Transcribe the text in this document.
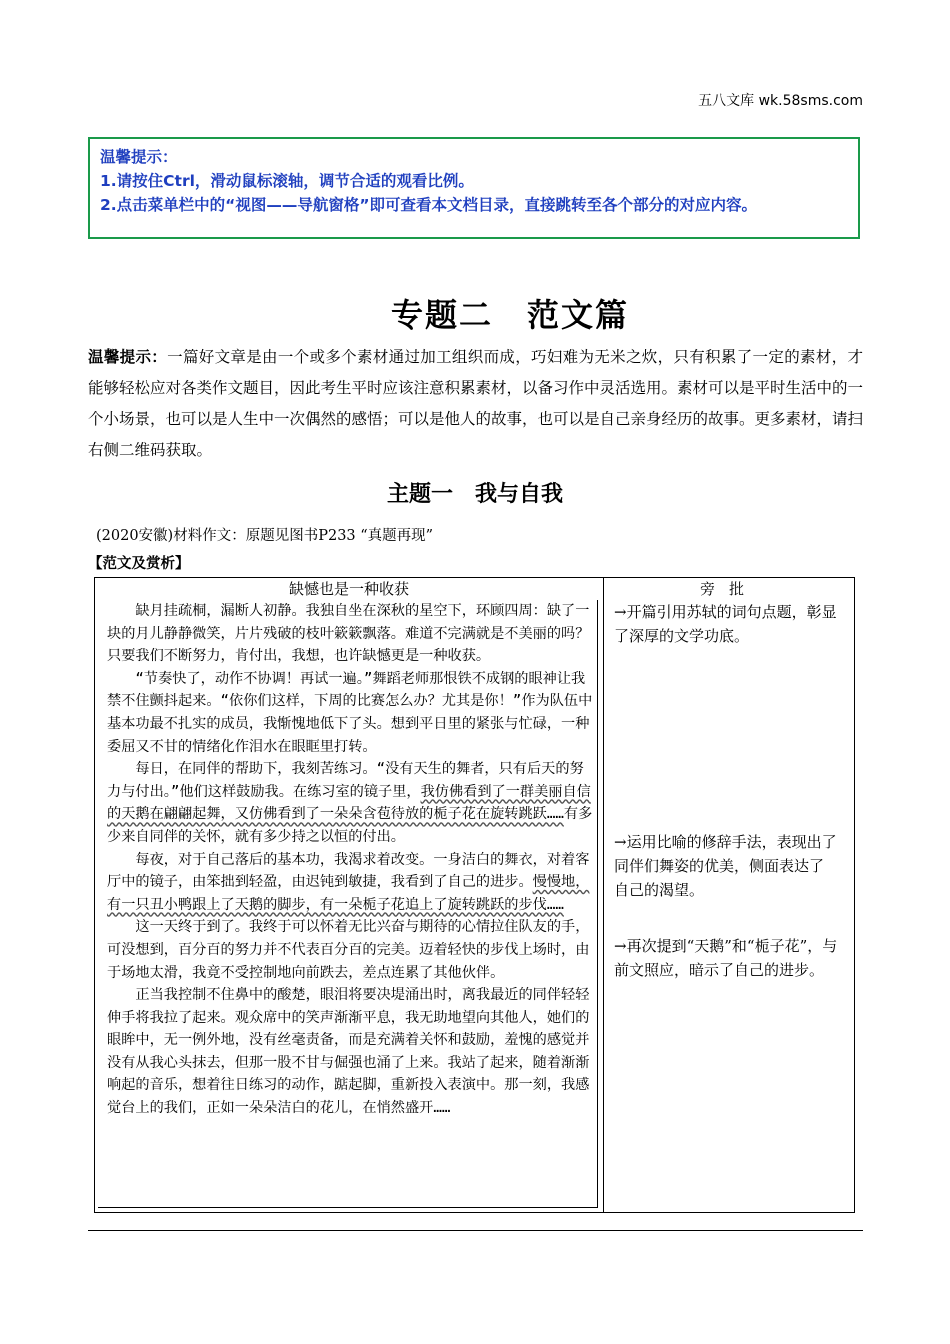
五八文库 wk.58sms.com
温馨提示：
1.请按住Ctrl，滑动鼠标滚轴，调节合适的观看比例。
2.点击菜单栏中的“视图——导航窗格”即可查看本文档目录，直接跳转至各个部分的对应内容。
专题二　范文篇
温馨提示：一篇好文章是由一个或多个素材通过加工组织而成，巧妇难为无米之炊，只有积累了一定的素材，才能够轻松应对各类作文题目，因此考生平时应该注意积累素材，以备习作中灵活选用。素材可以是平时生活中的一个小场景，也可以是人生中一次偶然的感悟；可以是他人的故事，也可以是自己亲身经历的故事。更多素材，请扫右侧二维码获取。
主题一　我与自我
(2020安徽)材料作文：原题见图书P233 “真题再现”
【范文及赏析】
缺憾也是一种收获

缺月挂疏桐，漏断人初静。我独自坐在深秋的星空下，环顾四周：缺了一块的月儿静静微笑，片片残破的枝叶簌簌飘落。难道不完满就是不美丽的吗？只要我们不断努力，肯付出，我想，也许缺憾更是一种收获。

“节奏快了，动作不协调！再试一遍。”舞蹈老师那恨铁不成钢的眼神让我禁不住颤抖起来。“依你们这样，下周的比赛怎么办？尤其是你！”作为队伍中基本功最不扎实的成员，我惭愧地低下了头。想到平日里的紧张与忙碌，一种委屈又不甘的情绪化作泪水在眼眶里打转。

每日，在同伴的帮助下，我刻苦练习。“没有天生的舞者，只有后天的努力与付出。”他们这样鼓励我。在练习室的镜子里，我仿佛看到了一群美丽自信的天鹅在翩翩起舞，又仿佛看到了一朵朵含苞待放的栀子花在旋转跳跃……有多少来自同伴的关怀，就有多少持之以恒的付出。

每夜，对于自己落后的基本功，我渴求着改变。一身洁白的舞衣，对着客厅中的镜子，由笨拙到轻盈，由迟钝到敏捷，我看到了自己的进步。慢慢地，有一只丑小鸭跟上了天鹅的脚步，有一朵栀子花追上了旋转跳跃的步伐……

这一天终于到了。我终于可以怀着无比兴奋与期待的心情拉住队友的手，可没想到，百分百的努力并不代表百分百的完美。迈着轻快的步伐上场时，由于场地太滑，我竟不受控制地向前跌去，差点连累了其他伙伴。

正当我控制不住鼻中的酸楚，眼泪将要决堤涌出时，离我最近的同伴轻轻伸手将我拉了起来。观众席中的笑声渐渐平息，我无助地望向其他人，她们的眼眸中，无一例外地，没有丝毫责备，而是充满着关怀和鼓励，羞愧的感觉并没有从我心头抹去，但那一股不甘与倔强也涌了上来。我站了起来，随着渐渐响起的音乐，想着往日练习的动作，踮起脚，重新投入表演中。那一刻，我感觉台上的我们，正如一朵朵洁白的花儿，在悄然盛开……

旁批
→开篇引用苏轼的词句点题，彰显了深厚的文学功底。
→运用比喻的修辞手法，表现出了同伴们舞姿的优美，侧面表达了自己的渴望。
→再次提到“天鹅”和“栀子花”，与前文照应，暗示了自己的进步。
